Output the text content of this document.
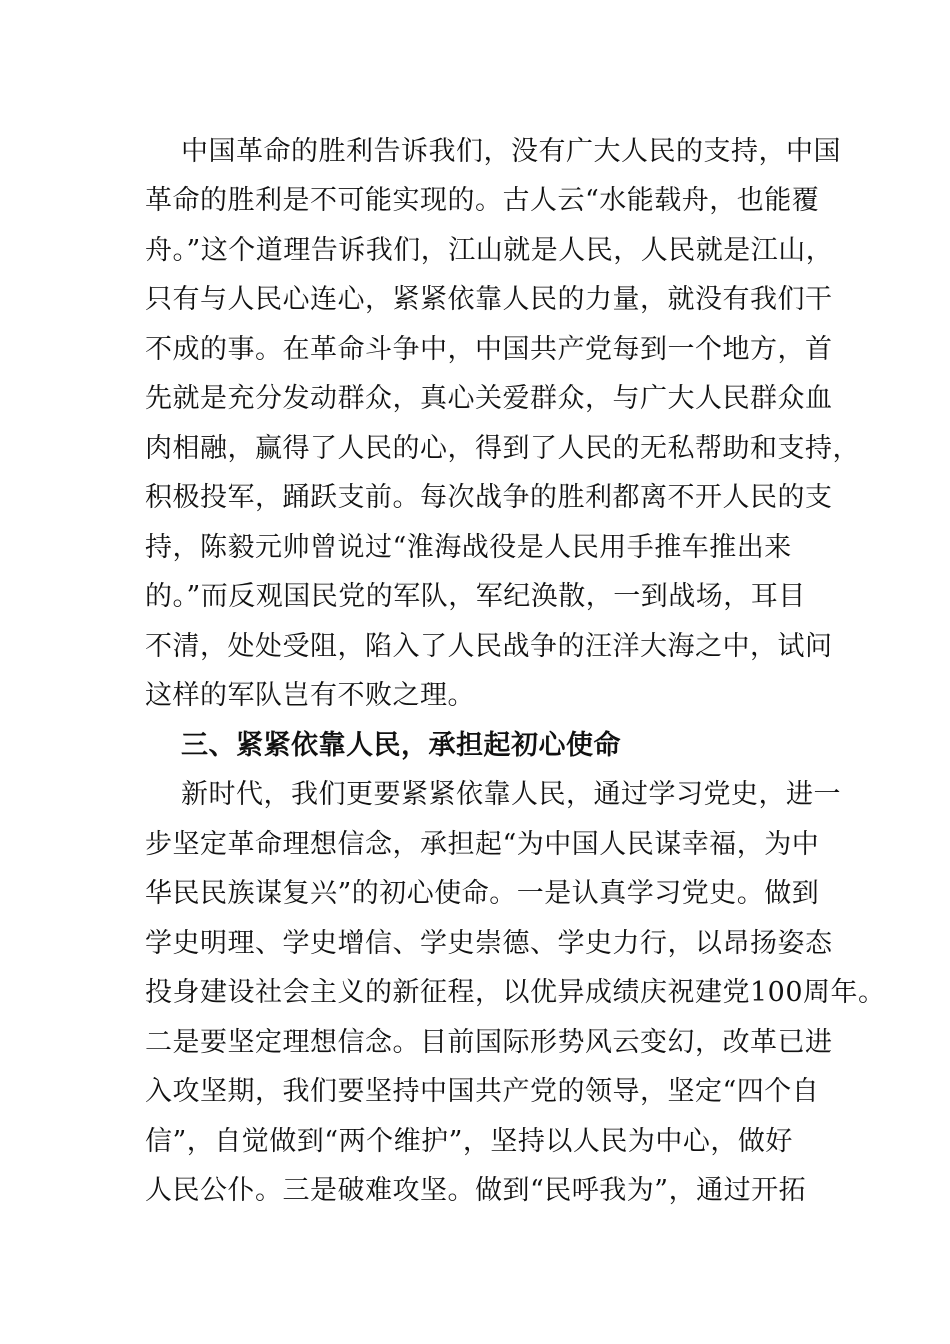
中国革命的胜利告诉我们，没有广大人民的支持，中国
革命的胜利是不可能实现的。古人云“水能载舟，也能覆
舟。”这个道理告诉我们，江山就是人民，人民就是江山，
只有与人民心连心，紧紧依靠人民的力量，就没有我们干
不成的事。在革命斗争中，中国共产党每到一个地方，首
先就是充分发动群众，真心关爱群众，与广大人民群众血
肉相融，赢得了人民的心，得到了人民的无私帮助和支持，
积极投军，踊跃支前。每次战争的胜利都离不开人民的支
持，陈毅元帅曾说过“淮海战役是人民用手推车推出来
的。”而反观国民党的军队，军纪涣散，一到战场，耳目
不清，处处受阻，陷入了人民战争的汪洋大海之中，试问
这样的军队岂有不败之理。
三、紧紧依靠人民，承担起初心使命
新时代，我们更要紧紧依靠人民，通过学习党史，进一
步坚定革命理想信念，承担起“为中国人民谋幸福，为中
华民民族谋复兴”的初心使命。一是认真学习党史。做到
学史明理、学史增信、学史崇德、学史力行，以昂扬姿态
投身建设社会主义的新征程，以优异成绩庆祝建党100周年。
二是要坚定理想信念。目前国际形势风云变幻，改革已进
入攻坚期，我们要坚持中国共产党的领导，坚定“四个自
信”，自觉做到“两个维护”，坚持以人民为中心，做好
人民公仆。三是破难攻坚。做到“民呼我为”，通过开拓
